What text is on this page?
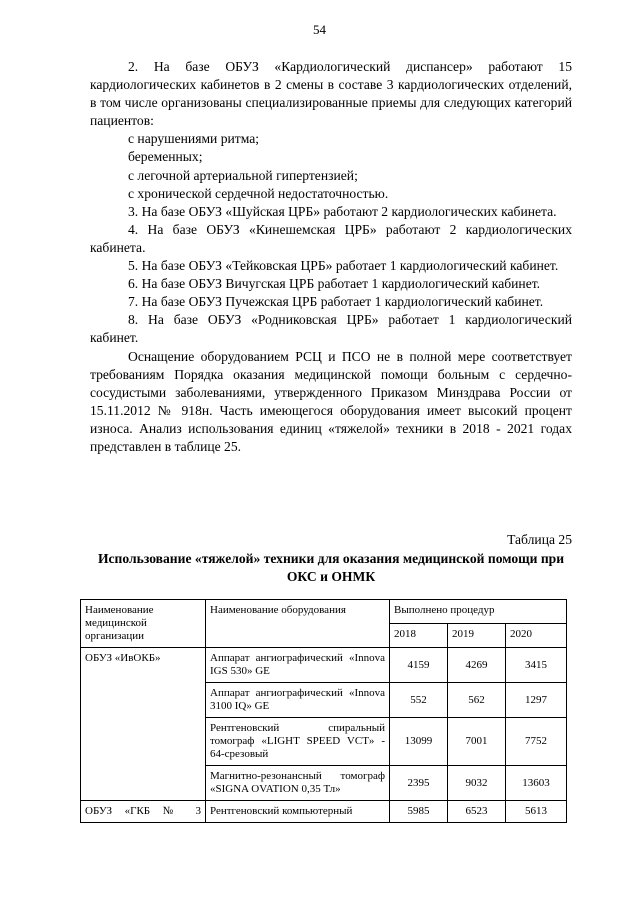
54

2. На базе ОБУЗ «Кардиологический диспансер» работают 15 кардиологических кабинетов в 2 смены в составе 3 кардиологических отделений, в том числе организованы специализированные приемы для следующих категорий пациентов:

с нарушениями ритма;

беременных;

с легочной артериальной гипертензией;

с хронической сердечной недостаточностью.

3. На базе ОБУЗ «Шуйская ЦРБ» работают 2 кардиологических кабинета.

4. На базе ОБУЗ «Кинешемская ЦРБ» работают 2 кардиологических кабинета.

5. На базе ОБУЗ «Тейковская ЦРБ» работает 1 кардиологический кабинет.

6. На базе ОБУЗ Вичугская ЦРБ работает 1 кардиологический кабинет.

7. На базе ОБУЗ Пучежская ЦРБ работает 1 кардиологический кабинет.

8. На базе ОБУЗ «Родниковская ЦРБ» работает 1 кардиологический кабинет.

Оснащение оборудованием РСЦ и ПСО не в полной мере соответствует требованиям Порядка оказания медицинской помощи больным с сердечно-сосудистыми заболеваниями, утвержденного Приказом Минздрава России от 15.11.2012 № 918н. Часть имеющегося оборудования имеет высокий процент износа. Анализ использования единиц «тяжелой» техники в 2018 - 2021 годах представлен в таблице 25.

Таблица 25
Использование «тяжелой» техники для оказания медицинской помощи при ОКС и ОНМК
Наименование медицинской организации	Наименование оборудования	Выполнено процедур		
		2018	2019	2020
ОБУЗ «ИвОКБ»	Аппарат ангиографический «Innova IGS 530» GE	4159	4269	3415
	Аппарат ангиографический «Innova 3100 IQ» GE	552	562	1297
	Рентгеновский спиральный томограф «LIGHT SPEED VCT» - 64-срезовый	13099	7001	7752
	Магнитно-резонансный томограф «SIGNA OVATION 0,35 Тл»	2395	9032	13603
ОБУЗ «ГКБ № 3	Рентгеновский компьютерный	5985	6523	5613
